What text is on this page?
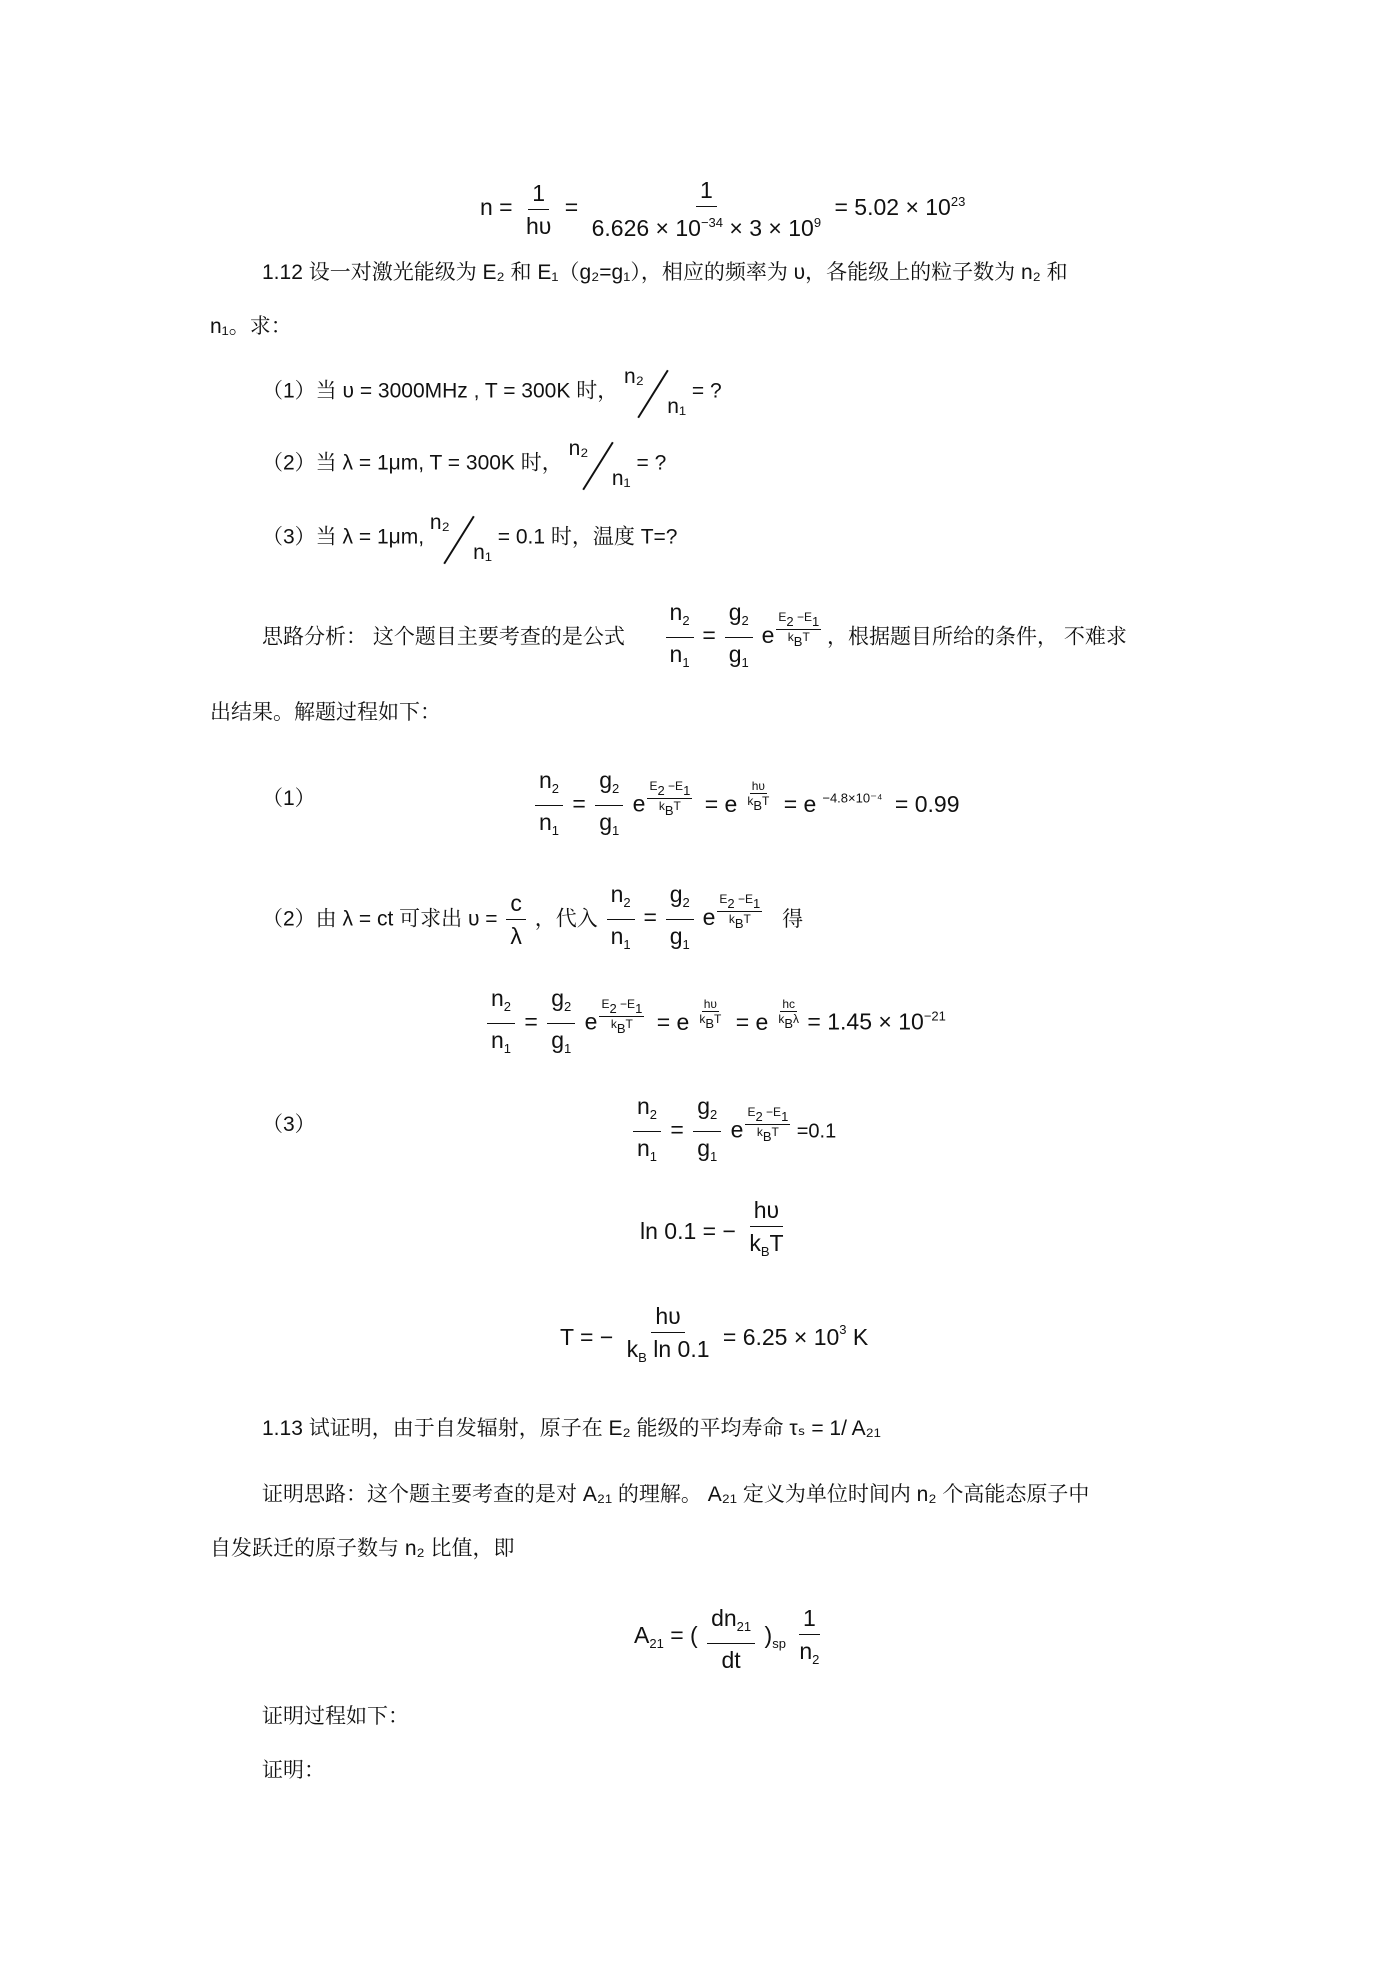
$n = \frac{1}{h\upsilon} = \frac{1}{6.626 \times 10^{-34} \times 3 \times 10^9} = 5.02 \times 10^{23}$
1.12 设一对激光能级为 E₂ 和 E₁（g₂=g₁），相应的频率为 υ，各能级上的粒子数为 n₂ 和
n₁。求：
（1）当 υ = 3000MHz , T = 300K 时，
n₂
n₁
= ?
（2）当 λ = 1μm, T = 300K 时，
n₂
n₁
= ?
（3）当 λ = 1μm,
n₂
n₁
= 0.1 时，温度 T=?
思路分析： 这个题目主要考查的是公式 $\frac{n_2}{n_1} = \frac{g_2}{g_1}$ e
$E_2 -E_1$
$k_BT$ ，根据题目所给的条件， 不难求
出结果。解题过程如下：
（1）	$\frac{n_2}{n_1} = \frac{g_2}{g_1}$ e
$E_2 -E_1$
$k_BT = e$
hυ
$k_BT = e$ $^{-4.8\times 10^{-4}}$ = 0.99
（2）由 λ = ct 可求出 $\upsilon = \frac{c}{\lambda}$ ，代入 $\frac{n_2}{n_1} = \frac{g_2}{g_1}$ e
$E_2 -E_1$
$k_BT$ 得
$\frac{n_2}{n_1} = \frac{g_2}{g_1}$ e
$E_2 -E_1$
$k_BT = e$
hυ
$k_BT = e$
hc
$k_B\lambda = 1.45 \times 10^{-21}$
（3）	$\frac{n_2}{n_1} = \frac{g_2}{g_1}$ e
$E_2 -E_1$
$k_BT =0.1$
ln 0.1 = − $\frac{h\upsilon}{k_BT}$
T = − $\frac{h\upsilon}{k_B \ln 0.1} = 6.25 \times 10^3$ K
1.13 试证明，由于自发辐射，原子在 E₂ 能级的平均寿命 τₛ = 1/ A₂₁
证明思路：这个题主要考查的是对 A₂₁ 的理解。 A₂₁ 定义为单位时间内 n₂ 个高能态原子中
自发跃迁的原子数与 n₂ 比值，即
$A_{21}$ = ( $\frac{dn_{21}}{dt} )_{sp} \frac{1}{n_2}$
证明过程如下：
证明：
